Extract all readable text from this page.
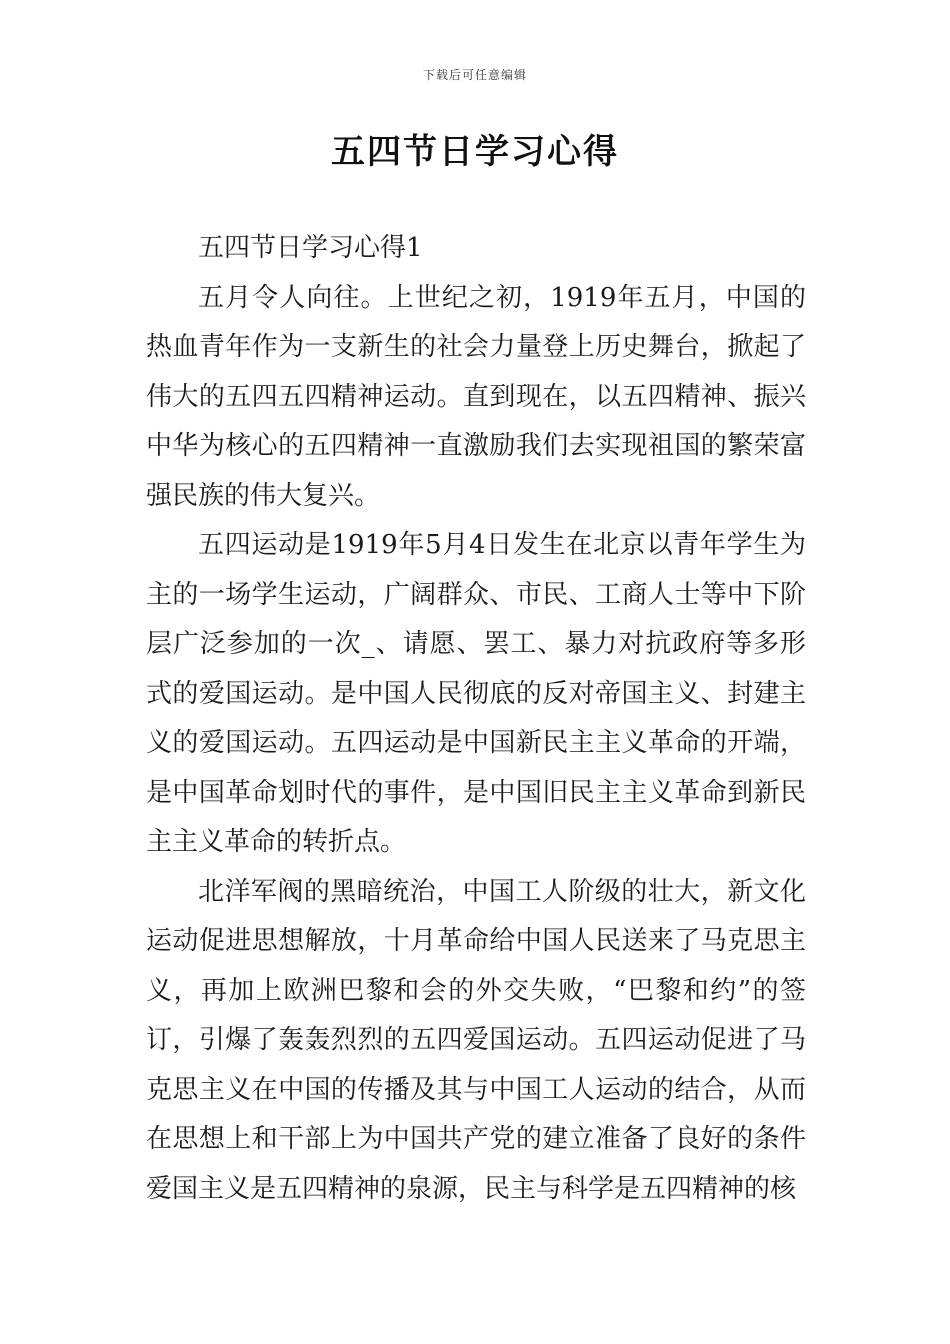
下载后可任意编辑
五四节日学习心得

五四节日学习心得1

五月令人向往。上世纪之初，1919年五月，中国的热血青年作为一支新生的社会力量登上历史舞台，掀起了伟大的五四五四精神运动。直到现在，以五四精神、振兴中华为核心的五四精神一直激励我们去实现祖国的繁荣富强民族的伟大复兴。

五四运动是1919年5月4日发生在北京以青年学生为主的一场学生运动，广阔群众、市民、工商人士等中下阶层广泛参加的一次_、请愿、罢工、暴力对抗政府等多形式的爱国运动。是中国人民彻底的反对帝国主义、封建主义的爱国运动。五四运动是中国新民主主义革命的开端，是中国革命划时代的事件，是中国旧民主主义革命到新民主主义革命的转折点。

北洋军阀的黑暗统治，中国工人阶级的壮大，新文化运动促进思想解放，十月革命给中国人民送来了马克思主义，再加上欧洲巴黎和会的外交失败，“巴黎和约”的签订，引爆了轰轰烈烈的五四爱国运动。五四运动促进了马克思主义在中国的传播及其与中国工人运动的结合，从而在思想上和干部上为中国共产党的建立准备了良好的条件爱国主义是五四精神的泉源，民主与科学是五四精神的核
